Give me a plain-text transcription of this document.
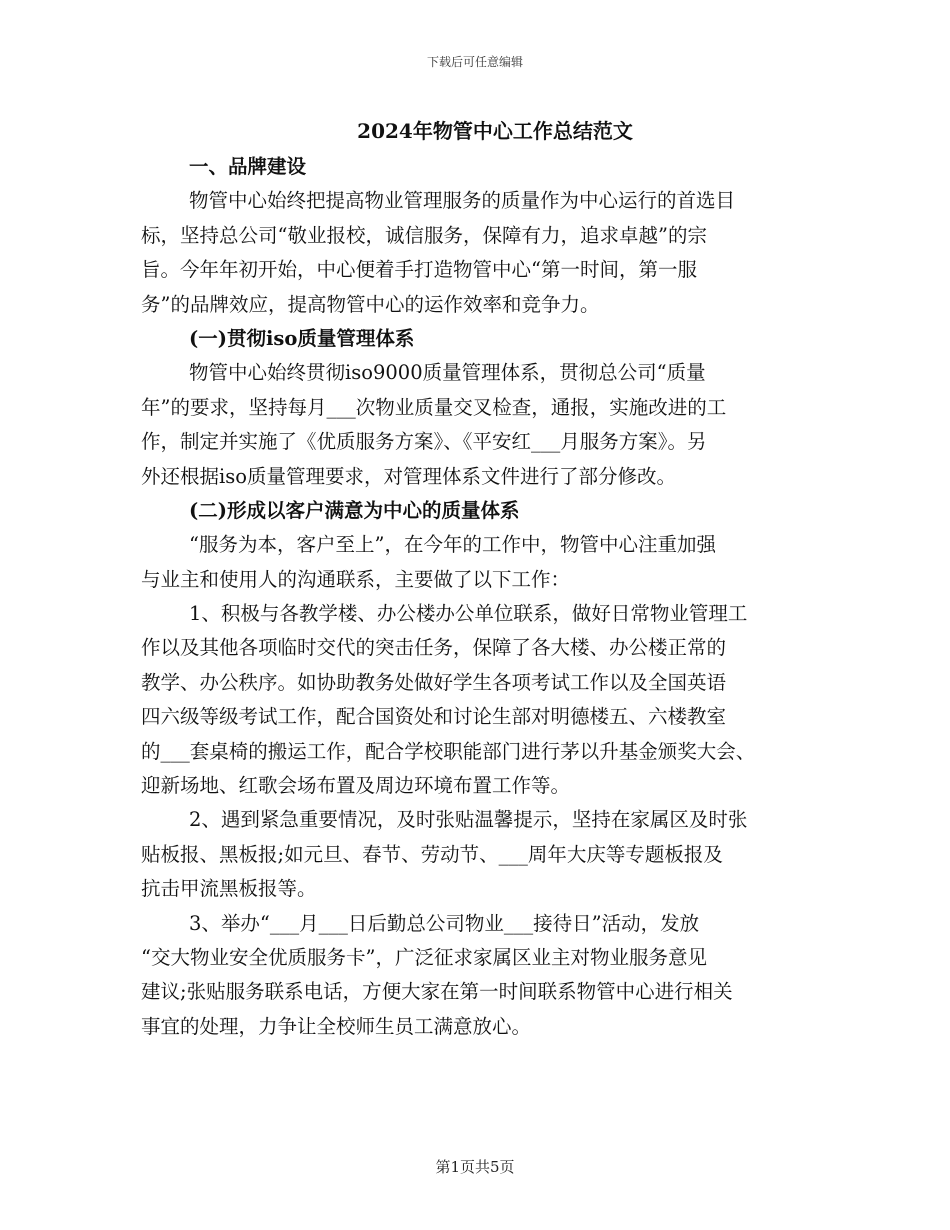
下载后可任意编辑
2024年物管中心工作总结范文
一、品牌建设
物管中心始终把提高物业管理服务的质量作为中心运行的首选目
标，坚持总公司“敬业报校，诚信服务，保障有力，追求卓越”的宗
旨。今年年初开始，中心便着手打造物管中心“第一时间，第一服
务”的品牌效应，提高物管中心的运作效率和竞争力。
(一)贯彻iso质量管理体系
物管中心始终贯彻iso9000质量管理体系，贯彻总公司“质量
年”的要求，坚持每月___次物业质量交叉检查，通报，实施改进的工
作，制定并实施了《优质服务方案》、《平安红___月服务方案》。另
外还根据iso质量管理要求，对管理体系文件进行了部分修改。
(二)形成以客户满意为中心的质量体系
“服务为本，客户至上”，在今年的工作中，物管中心注重加强
与业主和使用人的沟通联系，主要做了以下工作：
1、积极与各教学楼、办公楼办公单位联系，做好日常物业管理工
作以及其他各项临时交代的突击任务，保障了各大楼、办公楼正常的
教学、办公秩序。如协助教务处做好学生各项考试工作以及全国英语
四六级等级考试工作，配合国资处和讨论生部对明德楼五、六楼教室
的___套桌椅的搬运工作，配合学校职能部门进行茅以升基金颁奖大会、
迎新场地、红歌会场布置及周边环境布置工作等。
2、遇到紧急重要情况，及时张贴温馨提示，坚持在家属区及时张
贴板报、黑板报;如元旦、春节、劳动节、___周年大庆等专题板报及
抗击甲流黑板报等。
3、举办“___月___日后勤总公司物业___接待日”活动，发放
“交大物业安全优质服务卡”，广泛征求家属区业主对物业服务意见
建议;张贴服务联系电话，方便大家在第一时间联系物管中心进行相关
事宜的处理，力争让全校师生员工满意放心。
第1页共5页
